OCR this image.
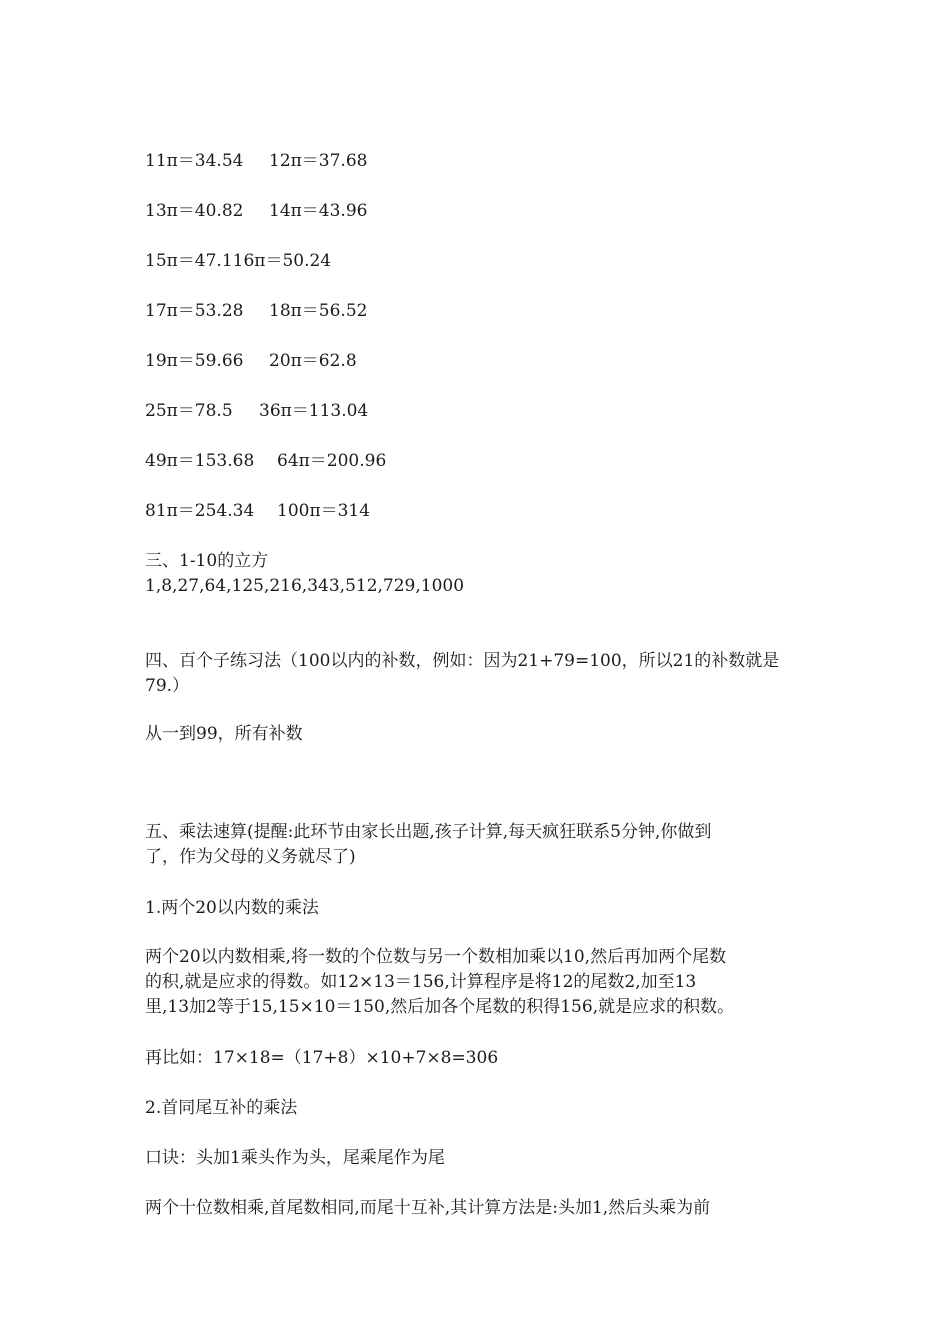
11π＝34.54	12π＝37.68
13π＝40.82	14π＝43.96
15π＝47.1 16π＝50.24
17π＝53.28	18π＝56.52
19π＝59.66	20π＝62.8
25π＝78.5	36π＝113.04
49π＝153.68	64π＝200.96
81π＝254.34	100π＝314
三、1-10的立方
1,8,27,64,125,216,343,512,729,1000
四、百个子练习法（100以内的补数，例如：因为21+79=100，所以21的补数就是
79.）
从一到99，所有补数
五、乘法速算(提醒:此环节由家长出题,孩子计算,每天疯狂联系5分钟,你做到
了，作为父母的义务就尽了)
1.两个20以内数的乘法
两个20以内数相乘,将一数的个位数与另一个数相加乘以10,然后再加两个尾数
的积,就是应求的得数。如12×13＝156,计算程序是将12的尾数2,加至13
里,13加2等于15,15×10＝150,然后加各个尾数的积得156,就是应求的积数。
再比如：17×18=（17+8）×10+7×8=306
2.首同尾互补的乘法
口诀：头加1乘头作为头，尾乘尾作为尾
两个十位数相乘,首尾数相同,而尾十互补,其计算方法是:头加1,然后头乘为前
